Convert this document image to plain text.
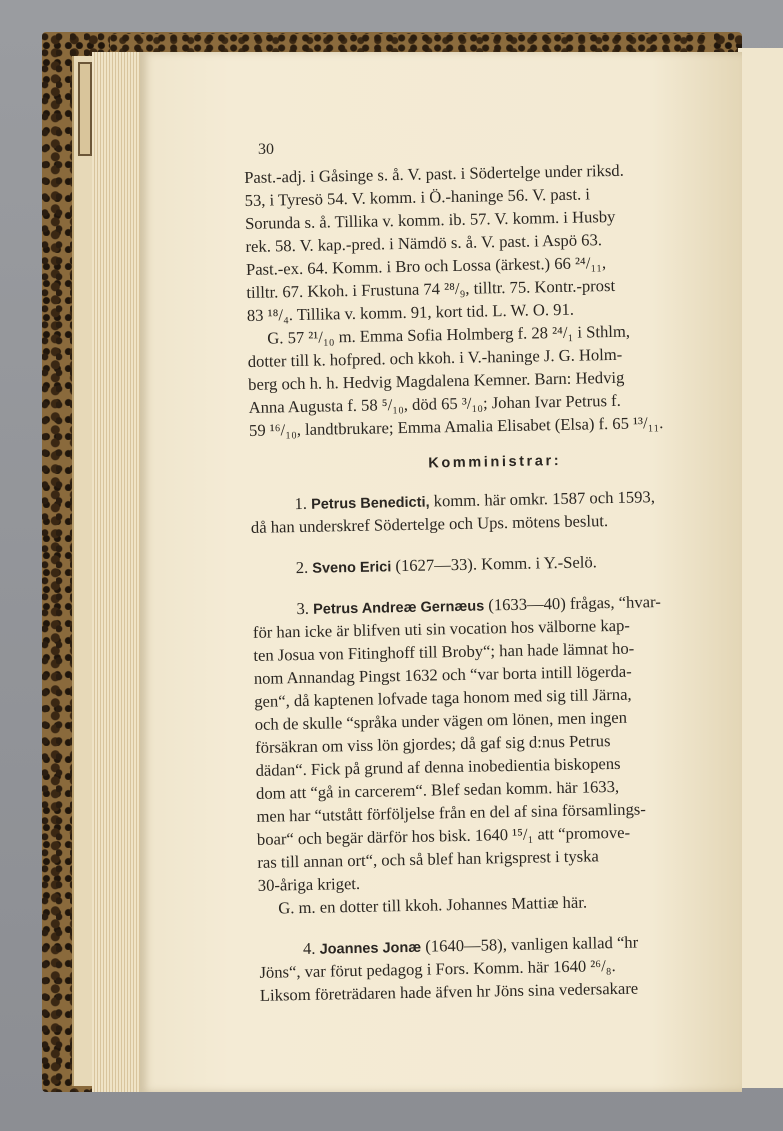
30
Past.-adj. i Gåsinge s. å. V. past. i Södertelge under riksd.
53, i Tyresö 54. V. komm. i Ö.-haninge 56. V. past. i
Sorunda s. å. Tillika v. komm. ib. 57. V. komm. i Husby
rek. 58. V. kap.-pred. i Nämdö s. å. V. past. i Aspö 63.
Past.-ex. 64. Komm. i Bro och Lossa (ärkest.) 66 ²⁴/₁₁,
tilltr. 67. Kkoh. i Frustuna 74 ²⁸/₉, tilltr. 75. Kontr.-prost
83 ¹⁸/₄. Tillika v. komm. 91, kort tid. L. W. O. 91.
G. 57 ²¹/₁₀ m. Emma Sofia Holmberg f. 28 ²⁴/₁ i Sthlm,
dotter till k. hofpred. och kkoh. i V.-haninge J. G. Holm-
berg och h. h. Hedvig Magdalena Kemner. Barn: Hedvig
Anna Augusta f. 58 ⁵/₁₀, död 65 ³/₁₀; Johan Ivar Petrus f.
59 ¹⁶/₁₀, landtbrukare; Emma Amalia Elisabet (Elsa) f. 65 ¹³/₁₁.
Komministrar:
1. Petrus Benedicti, komm. här omkr. 1587 och 1593,
då han underskref Södertelge och Ups. mötens beslut.
2. Sveno Erici (1627—33). Komm. i Y.-Selö.
3. Petrus Andreæ Gernæus (1633—40) frågas, “hvar-
för han icke är blifven uti sin vocation hos välborne kap-
ten Josua von Fitinghoff till Broby“; han hade lämnat ho-
nom Annandag Pingst 1632 och “var borta intill lögerda-
gen“, då kaptenen lofvade taga honom med sig till Järna,
och de skulle “språka under vägen om lönen, men ingen
försäkran om viss lön gjordes; då gaf sig d:nus Petrus
dädan“. Fick på grund af denna inobedientia biskopens
dom att “gå in carcerem“. Blef sedan komm. här 1633,
men har “utstått förföljelse från en del af sina församlings-
boar“ och begär därför hos bisk. 1640 ¹⁵/₁ att “promove-
ras till annan ort“, och så blef han krigsprest i tyska
30-åriga kriget.
G. m. en dotter till kkoh. Johannes Mattiæ här.
4. Joannes Jonæ (1640—58), vanligen kallad “hr
Jöns“, var förut pedagog i Fors. Komm. här 1640 ²⁶/₈.
Liksom företrädaren hade äfven hr Jöns sina vedersakare
